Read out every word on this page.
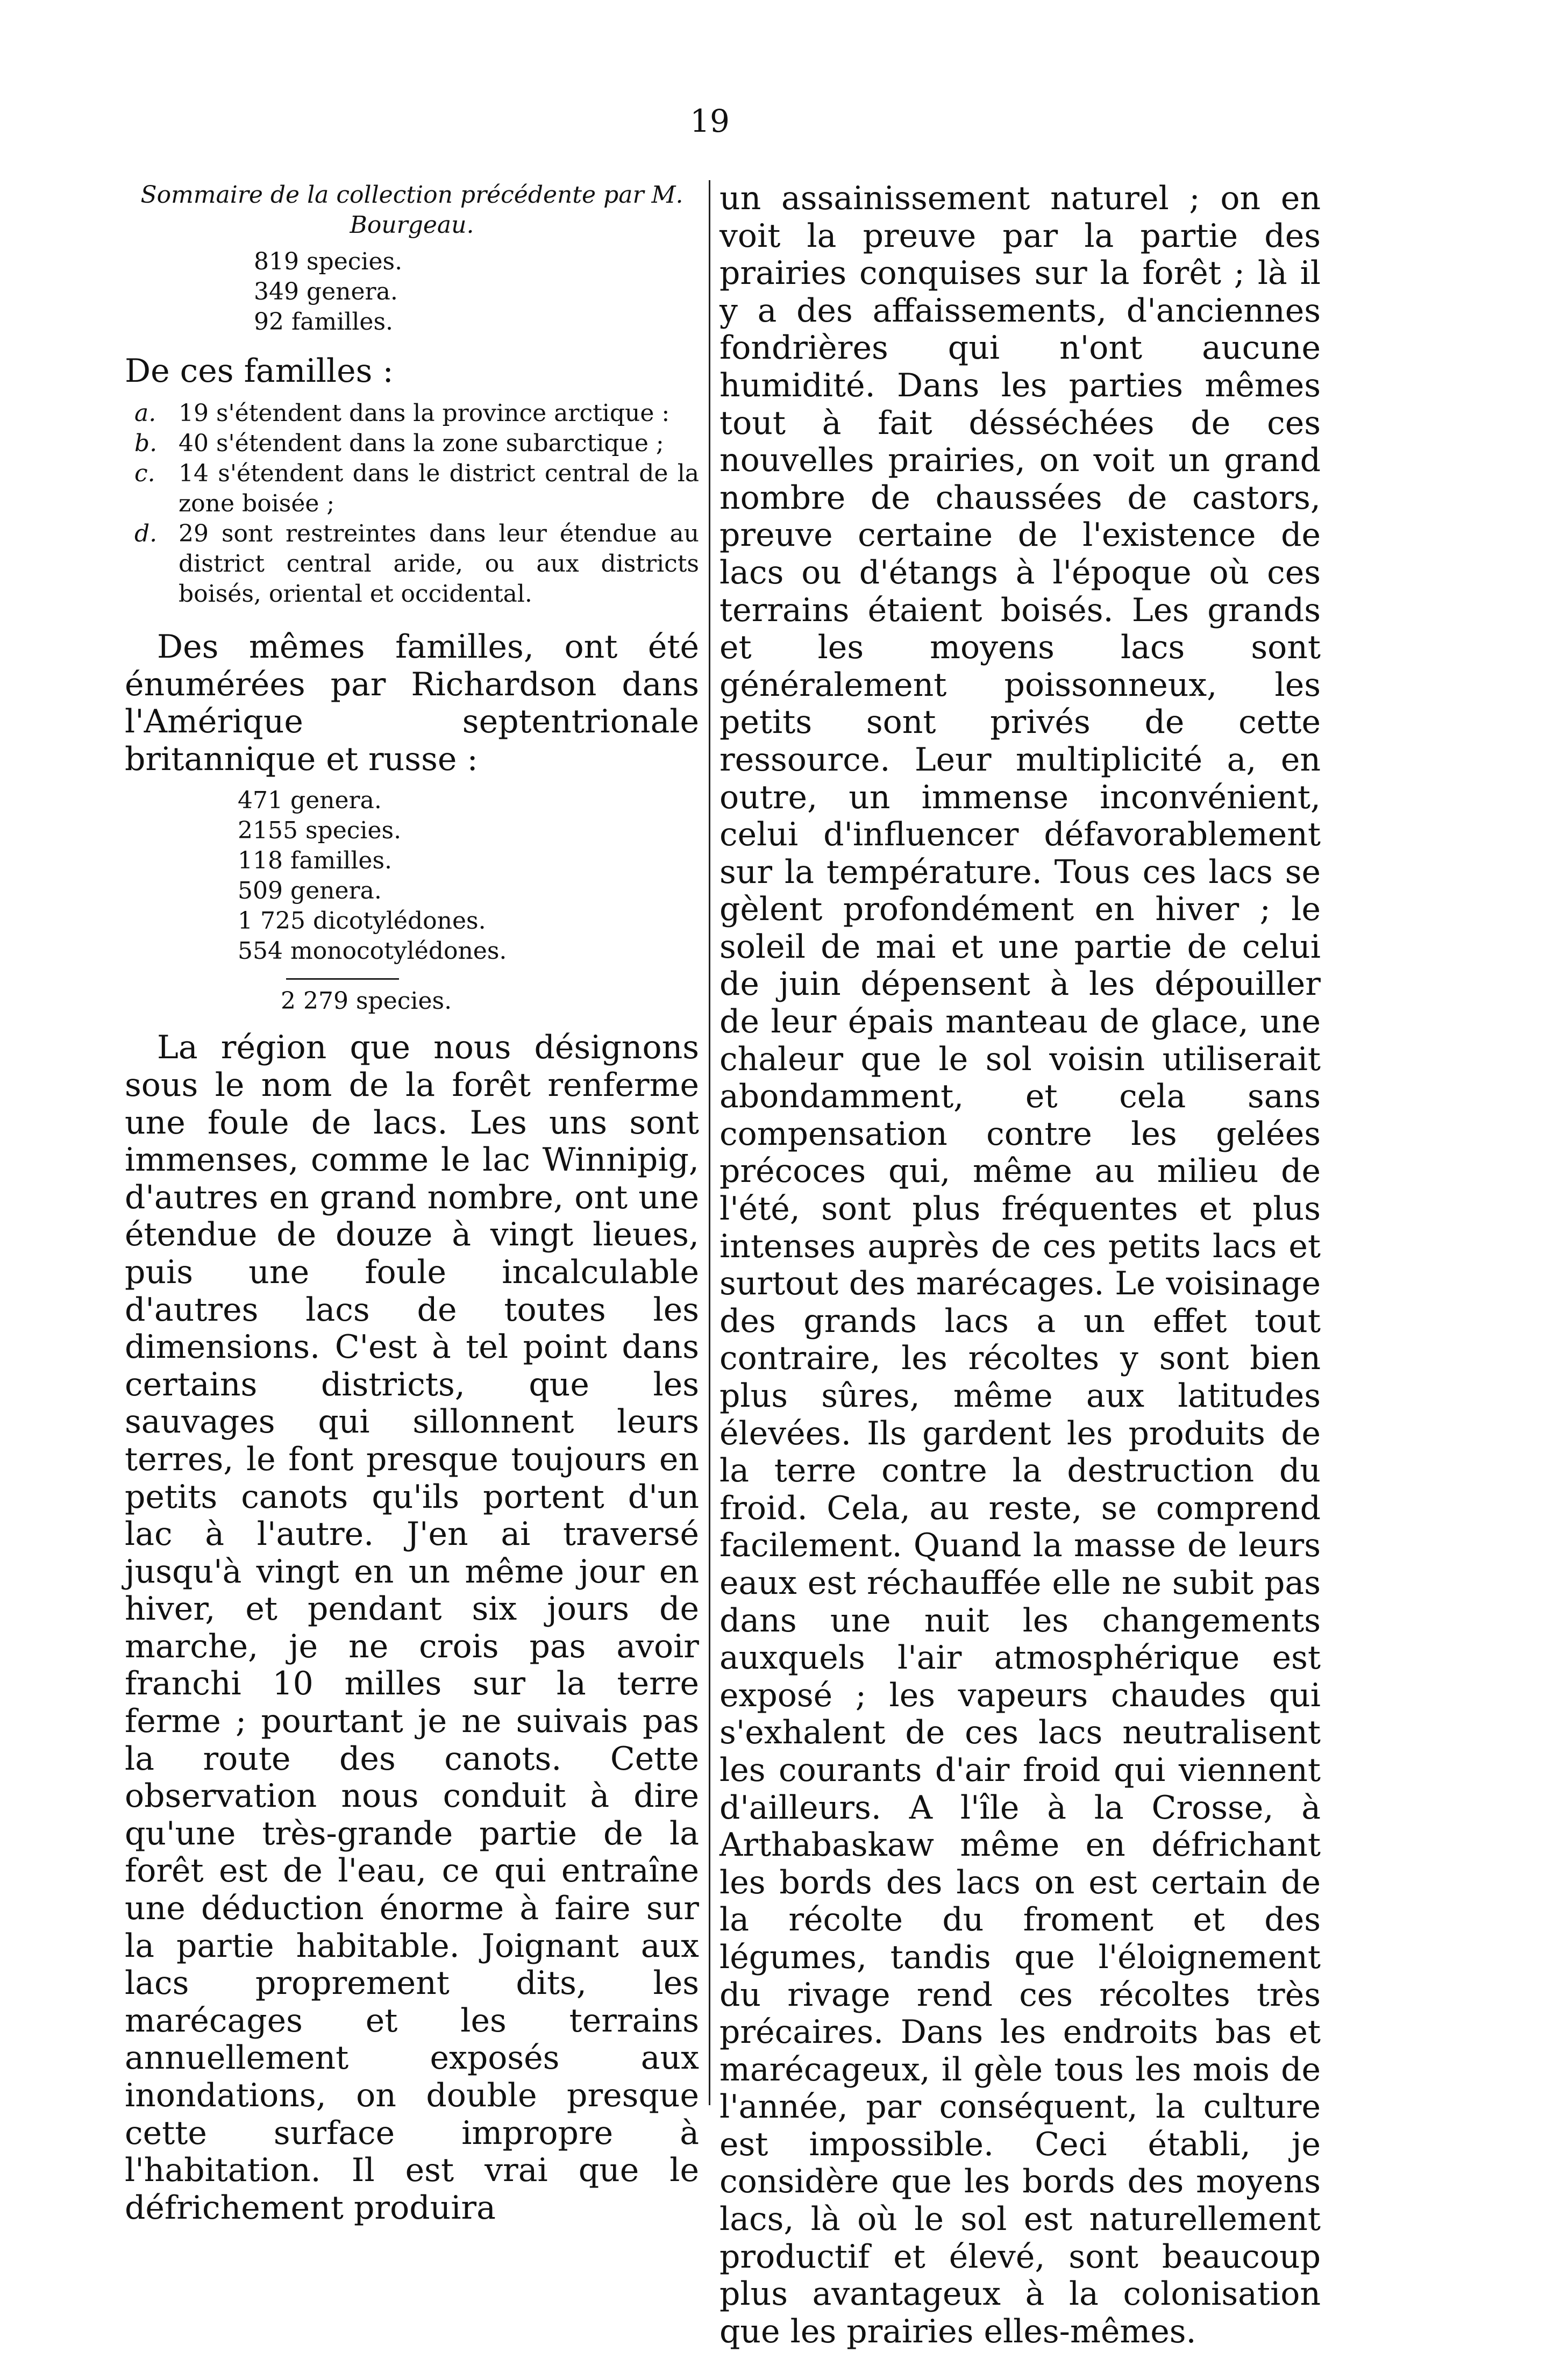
19

Sommaire de la collection précédente par M. Bourgeau.

819 species.
349 genera.
92 familles.
De ces familles :
a. 19 s'étendent dans la province arctique :
b. 40 s'étendent dans la zone subarctique ;
c. 14 s'étendent dans le district central de la zone boisée ;
d. 29 sont restreintes dans leur étendue au district central aride, ou aux districts boisés, oriental et occidental.

Des mêmes familles, ont été énumérées par Richardson dans l'Amérique septentrionale britannique et russe :

471 genera.
2155 species.
118 familles.
509 genera.
1 725 dicotylédones.
554 monocotylédones.
2 279 species.

La région que nous désignons sous le nom de la forêt renferme une foule de lacs. Les uns sont immenses, comme le lac Winnipig, d'autres en grand nombre, ont une étendue de douze à vingt lieues, puis une foule incalculable d'autres lacs de toutes les dimensions. C'est à tel point dans certains districts, que les sauvages qui sillonnent leurs terres, le font presque toujours en petits canots qu'ils portent d'un lac à l'autre. J'en ai traversé jusqu'à vingt en un même jour en hiver, et pendant six jours de marche, je ne crois pas avoir franchi 10 milles sur la terre ferme ; pourtant je ne suivais pas la route des canots. Cette observation nous conduit à dire qu'une très-grande partie de la forêt est de l'eau, ce qui entraîne une déduction énorme à faire sur la partie habitable. Joignant aux lacs proprement dits, les marécages et les terrains annuellement exposés aux inondations, on double presque cette surface impropre à l'habitation. Il est vrai que le défrichement produira

un assainissement naturel ; on en voit la preuve par la partie des prairies conquises sur la forêt ; là il y a des affaissements, d'anciennes fondrières qui n'ont aucune humidité. Dans les parties mêmes tout à fait désséchées de ces nouvelles prairies, on voit un grand nombre de chaussées de castors, preuve certaine de l'existence de lacs ou d'étangs à l'époque où ces terrains étaient boisés. Les grands et les moyens lacs sont généralement poissonneux, les petits sont privés de cette ressource. Leur multiplicité a, en outre, un immense inconvénient, celui d'influencer défavorablement sur la température. Tous ces lacs se gèlent profondément en hiver ; le soleil de mai et une partie de celui de juin dépensent à les dépouiller de leur épais manteau de glace, une chaleur que le sol voisin utiliserait abondamment, et cela sans compensation contre les gelées précoces qui, même au milieu de l'été, sont plus fréquentes et plus intenses auprès de ces petits lacs et surtout des marécages. Le voisinage des grands lacs a un effet tout contraire, les récoltes y sont bien plus sûres, même aux latitudes élevées. Ils gardent les produits de la terre contre la destruction du froid. Cela, au reste, se comprend facilement. Quand la masse de leurs eaux est réchauffée elle ne subit pas dans une nuit les changements auxquels l'air atmosphérique est exposé ; les vapeurs chaudes qui s'exhalent de ces lacs neutralisent les courants d'air froid qui viennent d'ailleurs. A l'île à la Crosse, à Arthabaskaw même en défrichant les bords des lacs on est certain de la récolte du froment et des légumes, tandis que l'éloignement du rivage rend ces récoltes très précaires. Dans les endroits bas et marécageux, il gèle tous les mois de l'année, par conséquent, la culture est impossible. Ceci établi, je considère que les bords des moyens lacs, là où le sol est naturellement productif et élevé, sont beaucoup plus avantageux à la colonisation que les prairies elles-mêmes.
